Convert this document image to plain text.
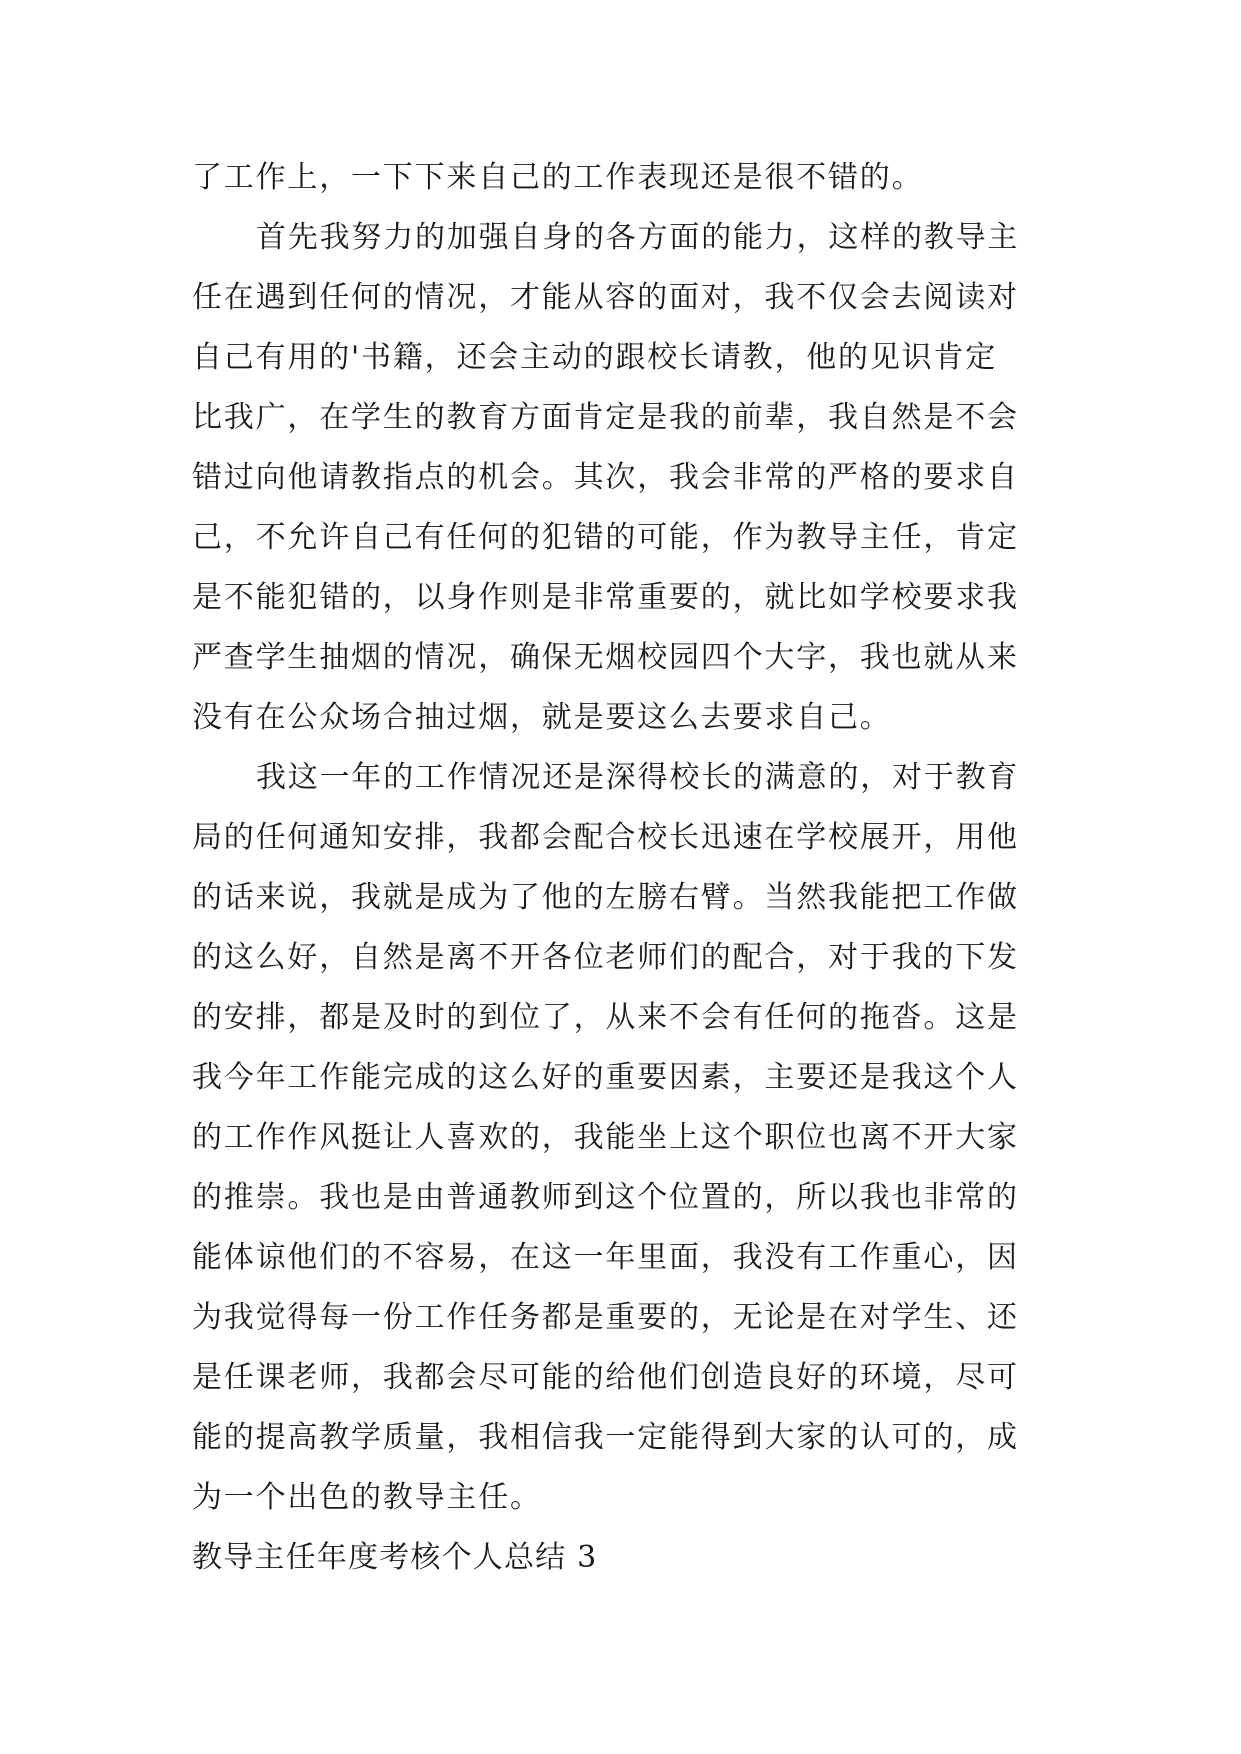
了工作上，一下下来自己的工作表现还是很不错的。
首先我努力的加强自身的各方面的能力，这样的教导主
任在遇到任何的情况，才能从容的面对，我不仅会去阅读对
自己有用的'书籍，还会主动的跟校长请教，他的见识肯定
比我广，在学生的教育方面肯定是我的前辈，我自然是不会
错过向他请教指点的机会。其次，我会非常的严格的要求自
己，不允许自己有任何的犯错的可能，作为教导主任，肯定
是不能犯错的，以身作则是非常重要的，就比如学校要求我
严查学生抽烟的情况，确保无烟校园四个大字，我也就从来
没有在公众场合抽过烟，就是要这么去要求自己。
我这一年的工作情况还是深得校长的满意的，对于教育
局的任何通知安排，我都会配合校长迅速在学校展开，用他
的话来说，我就是成为了他的左膀右臂。当然我能把工作做
的这么好，自然是离不开各位老师们的配合，对于我的下发
的安排，都是及时的到位了，从来不会有任何的拖沓。这是
我今年工作能完成的这么好的重要因素，主要还是我这个人
的工作作风挺让人喜欢的，我能坐上这个职位也离不开大家
的推崇。我也是由普通教师到这个位置的，所以我也非常的
能体谅他们的不容易，在这一年里面，我没有工作重心，因
为我觉得每一份工作任务都是重要的，无论是在对学生、还
是任课老师，我都会尽可能的给他们创造良好的环境，尽可
能的提高教学质量，我相信我一定能得到大家的认可的，成
为一个出色的教导主任。
教导主任年度考核个人总结 3
